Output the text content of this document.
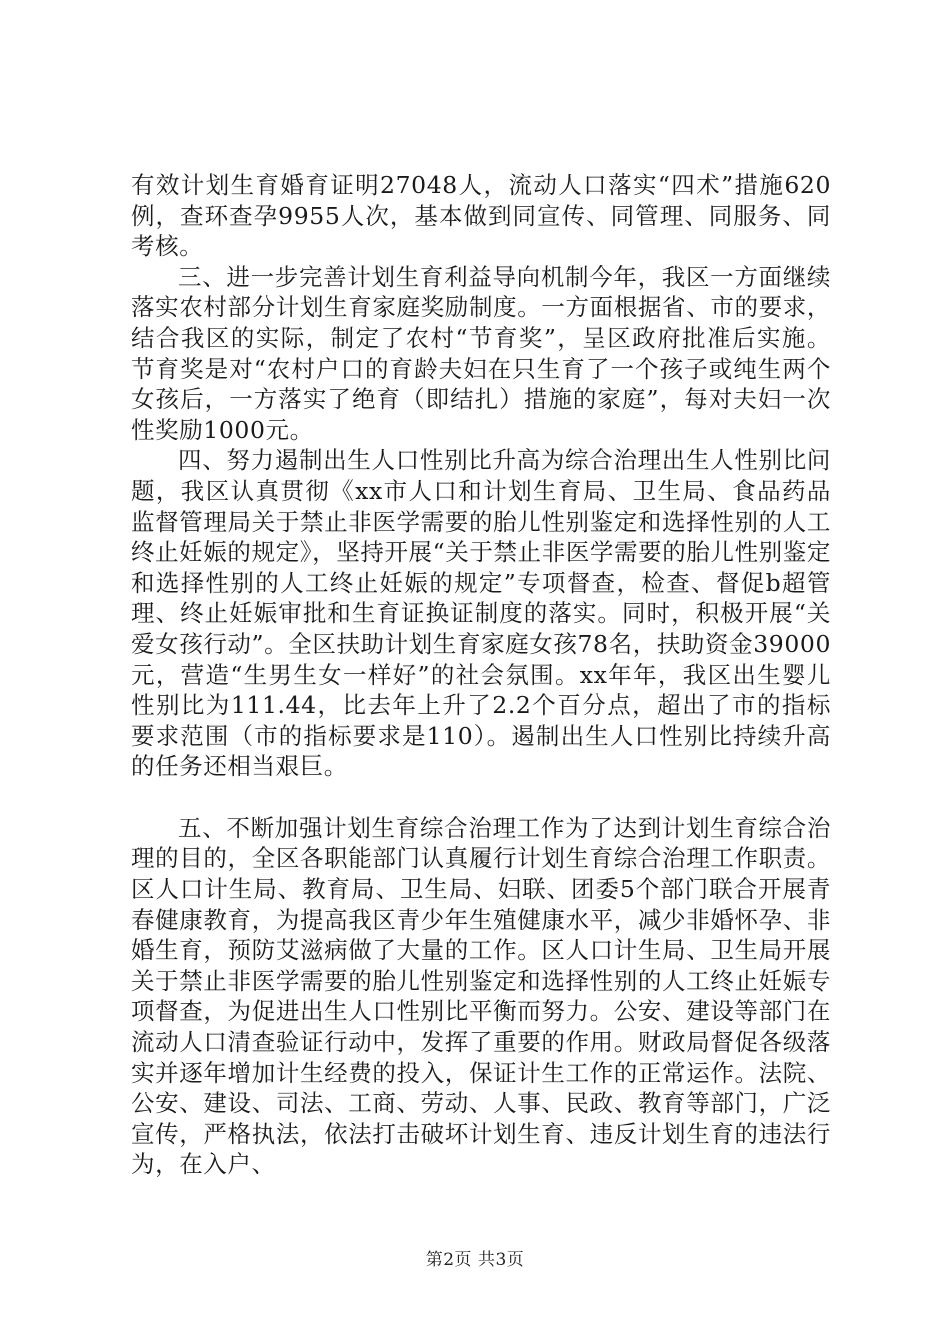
有效计划生育婚育证明27048人，流动人口落实“四术”措施620例，查环查孕9955人次，基本做到同宣传、同管理、同服务、同考核。

三、进一步完善计划生育利益导向机制今年，我区一方面继续落实农村部分计划生育家庭奖励制度。一方面根据省、市的要求，结合我区的实际，制定了农村“节育奖”，呈区政府批准后实施。节育奖是对“农村户口的育龄夫妇在只生育了一个孩子或纯生两个女孩后，一方落实了绝育（即结扎）措施的家庭”，每对夫妇一次性奖励1000元。

四、努力遏制出生人口性别比升高为综合治理出生人性别比问题，我区认真贯彻《xx市人口和计划生育局、卫生局、食品药品监督管理局关于禁止非医学需要的胎儿性别鉴定和选择性别的人工终止妊娠的规定》，坚持开展“关于禁止非医学需要的胎儿性别鉴定和选择性别的人工终止妊娠的规定”专项督查，检查、督促b超管理、终止妊娠审批和生育证换证制度的落实。同时，积极开展“关爱女孩行动”。全区扶助计划生育家庭女孩78名，扶助资金39000元，营造“生男生女一样好”的社会氛围。xx年年，我区出生婴儿性别比为111.44，比去年上升了2.2个百分点，超出了市的指标要求范围（市的指标要求是110）。遏制出生人口性别比持续升高的任务还相当艰巨。

五、不断加强计划生育综合治理工作为了达到计划生育综合治理的目的，全区各职能部门认真履行计划生育综合治理工作职责。区人口计生局、教育局、卫生局、妇联、团委5个部门联合开展青春健康教育，为提高我区青少年生殖健康水平，减少非婚怀孕、非婚生育，预防艾滋病做了大量的工作。区人口计生局、卫生局开展关于禁止非医学需要的胎儿性别鉴定和选择性别的人工终止妊娠专项督查，为促进出生人口性别比平衡而努力。公安、建设等部门在流动人口清查验证行动中，发挥了重要的作用。财政局督促各级落实并逐年增加计生经费的投入，保证计生工作的正常运作。法院、公安、建设、司法、工商、劳动、人事、民政、教育等部门，广泛宣传，严格执法，依法打击破坏计划生育、违反计划生育的违法行为，在入户、

第2页 共3页
